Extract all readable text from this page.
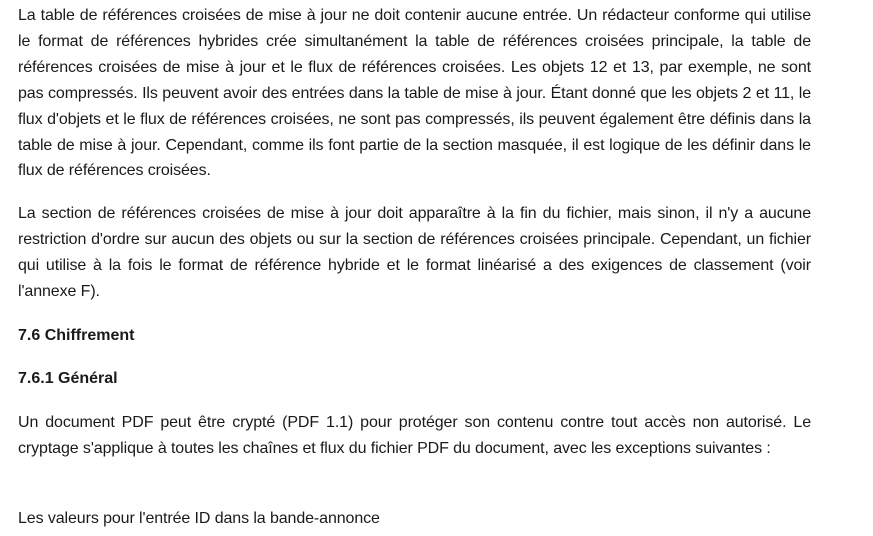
La table de références croisées de mise à jour ne doit contenir aucune entrée. Un rédacteur conforme qui utilise le format de références hybrides crée simultanément la table de références croisées principale, la table de références croisées de mise à jour et le flux de références croisées. Les objets 12 et 13, par exemple, ne sont pas compressés. Ils peuvent avoir des entrées dans la table de mise à jour. Étant donné que les objets 2 et 11, le flux d'objets et le flux de références croisées, ne sont pas compressés, ils peuvent également être définis dans la table de mise à jour. Cependant, comme ils font partie de la section masquée, il est logique de les définir dans le flux de références croisées.

La section de références croisées de mise à jour doit apparaître à la fin du fichier, mais sinon, il n'y a aucune restriction d'ordre sur aucun des objets ou sur la section de références croisées principale. Cependant, un fichier qui utilise à la fois le format de référence hybride et le format linéarisé a des exigences de classement (voir l'annexe F).

7.6 Chiffrement
7.6.1 Général

Un document PDF peut être crypté (PDF 1.1) pour protéger son contenu contre tout accès non autorisé. Le cryptage s'applique à toutes les chaînes et flux du fichier PDF du document, avec les exceptions suivantes :

Les valeurs pour l'entrée ID dans la bande-annonce
